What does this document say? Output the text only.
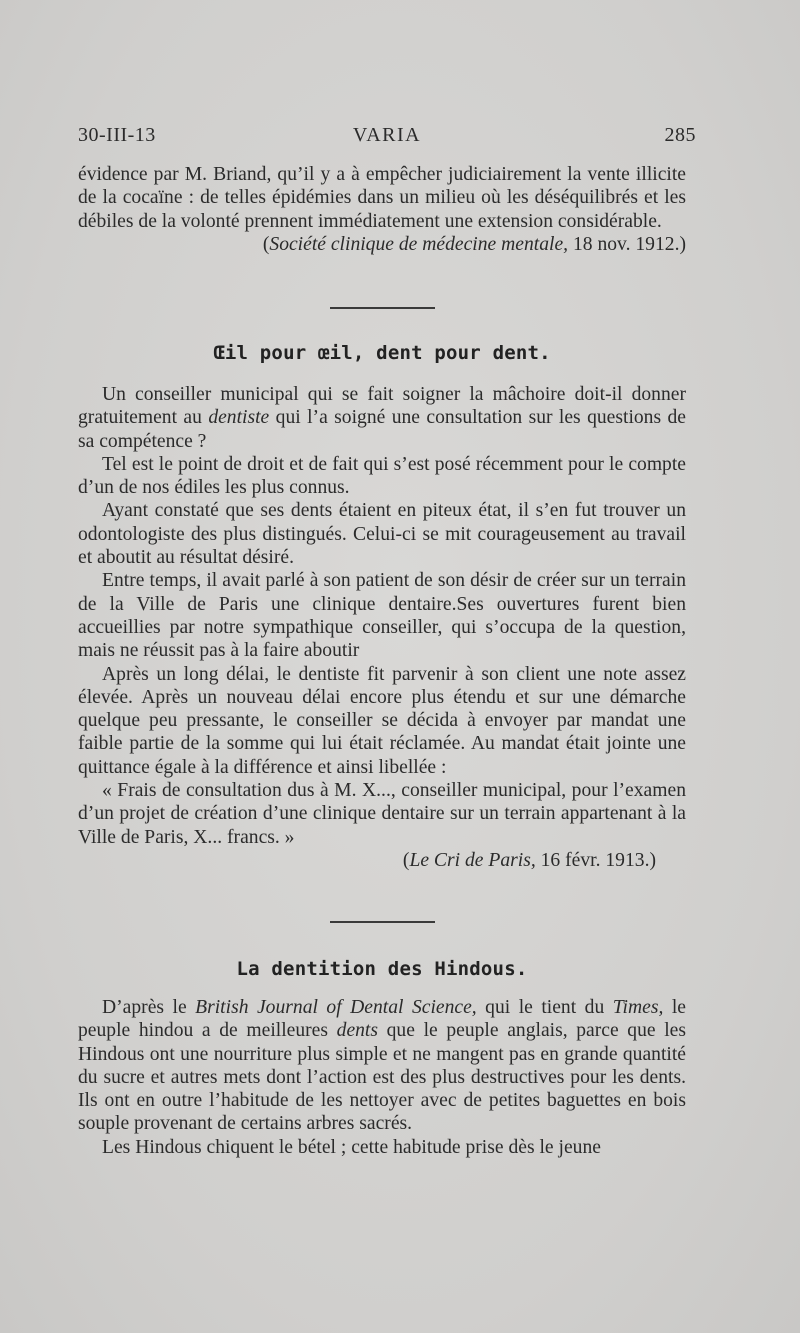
30-III-13	VARIA	285

évidence par M. Briand, qu’il y a à empêcher judiciairement la vente illicite de la cocaïne : de telles épidémies dans un milieu où les déséquilibrés et les débiles de la volonté prennent immédiatement une extension considérable.

(Société clinique de médecine mentale, 18 nov. 1912.)

Œil pour œil, dent pour dent.

Un conseiller municipal qui se fait soigner la mâchoire doit-il donner gratuitement au dentiste qui l’a soigné une consultation sur les questions de sa compétence ?

Tel est le point de droit et de fait qui s’est posé récemment pour le compte d’un de nos édiles les plus connus.

Ayant constaté que ses dents étaient en piteux état, il s’en fut trouver un odontologiste des plus distingués. Celui-ci se mit courageusement au travail et aboutit au résultat désiré.

Entre temps, il avait parlé à son patient de son désir de créer sur un terrain de la Ville de Paris une clinique dentaire.Ses ouvertures furent bien accueillies par notre sympathique conseiller, qui s’occupa de la question, mais ne réussit pas à la faire aboutir

Après un long délai, le dentiste fit parvenir à son client une note assez élevée. Après un nouveau délai encore plus étendu et sur une démarche quelque peu pressante, le conseiller se décida à envoyer par mandat une faible partie de la somme qui lui était réclamée. Au mandat était jointe une quittance égale à la différence et ainsi libellée :

« Frais de consultation dus à M. X..., conseiller municipal, pour l’examen d’un projet de création d’une clinique dentaire sur un terrain appartenant à la Ville de Paris, X... francs. »

(Le Cri de Paris, 16 févr. 1913.)

La dentition des Hindous.

D’après le British Journal of Dental Science, qui le tient du Times, le peuple hindou a de meilleures dents que le peuple anglais, parce que les Hindous ont une nourriture plus simple et ne mangent pas en grande quantité du sucre et autres mets dont l’action est des plus destructives pour les dents. Ils ont en outre l’habitude de les nettoyer avec de petites baguettes en bois souple provenant de certains arbres sacrés.

Les Hindous chiquent le bétel ; cette habitude prise dès le jeune
